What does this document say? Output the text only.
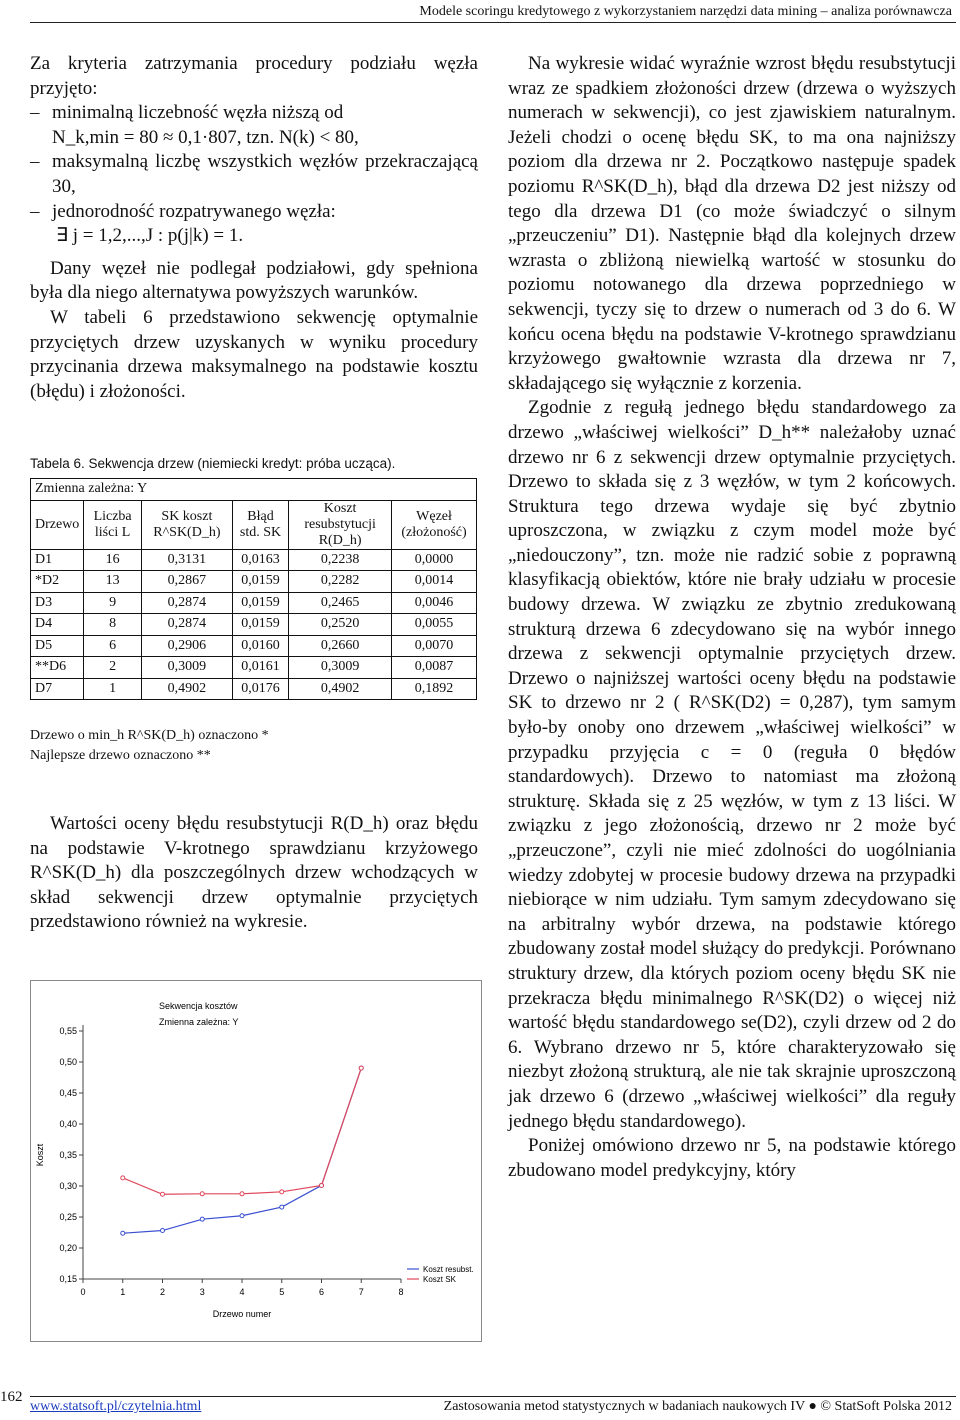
Modele scoringu kredytowego z wykorzystaniem narzędzi data mining – analiza porównawcza

Za kryteria zatrzymania procedury podziału węzła przyjęto:

– minimalną liczebność węzła niższą od
N_k,min = 80 ≈ 0,1·807, tzn. N(k) < 80,
– maksymalną liczbę wszystkich węzłów przekraczającą 30,
– jednorodność rozpatrywanego węzła:
∃ j = 1,2,...,J : p(j|k) = 1.

Dany węzeł nie podlegał podziałowi, gdy spełniona była dla niego alternatywa powyższych warunków.

W tabeli 6 przedstawiono sekwencję optymalnie przyciętych drzew uzyskanych w wyniku procedury przycinania drzewa maksymalnego na podstawie kosztu (błędu) i złożoności.

Tabela 6. Sekwencja drzew (niemiecki kredyt: próba ucząca).
Zmienna zależna: Y					
Drzewo	Liczba liści L	SK koszt R^SK(D_h)	Błąd std. SK	Koszt resubstytucji R(D_h)	Węzeł (złożoność)
D1	16	0,3131	0,0163	0,2238	0,0000
*D2	13	0,2867	0,0159	0,2282	0,0014
D3	9	0,2874	0,0159	0,2465	0,0046
D4	8	0,2874	0,0159	0,2520	0,0055
D5	6	0,2906	0,0160	0,2660	0,0070
**D6	2	0,3009	0,0161	0,3009	0,0087
D7	1	0,4902	0,0176	0,4902	0,1892
Drzewo o min_h R^SK(D_h) oznaczono *
Najlepsze drzewo oznaczono **

Wartości oceny błędu resubstytucji R(D_h) oraz błędu na podstawie V-krotnego sprawdzianu krzyżowego R^SK(D_h) dla poszczególnych drzew wchodzących w skład sekwencji drzew optymalnie przyciętych przedstawiono również na wykresie.

Sekwencja kosztów
Zmienna zależna: Y
0,15
0,20
0,25
0,30
0,35
0,40
0,45
0,50
0,55
0	1	2	3	4	5	6	7	8
Drzewo numer
Koszt
Koszt resubst.
Koszt SK

Na wykresie widać wyraźnie wzrost błędu resubstytucji wraz ze spadkiem złożoności drzew (drzewa o wyższych numerach w sekwencji), co jest zjawiskiem naturalnym. Jeżeli chodzi o ocenę błędu SK, to ma ona najniższy poziom dla drzewa nr 2. Początkowo następuje spadek poziomu R^SK(D_h), błąd dla drzewa D2 jest niższy od tego dla drzewa D1 (co może świadczyć o silnym „przeuczeniu” D1). Następnie błąd dla kolejnych drzew wzrasta o zbliżoną niewielką wartość w stosunku do poziomu notowanego dla drzewa poprzedniego w sekwencji, tyczy się to drzew o numerach od 3 do 6. W końcu ocena błędu na podstawie V-krotnego sprawdzianu krzyżowego gwałtownie wzrasta dla drzewa nr 7, składającego się wyłącznie z korzenia.

Zgodnie z regułą jednego błędu standardowego za drzewo „właściwej wielkości” D_h** należałoby uznać drzewo nr 6 z sekwencji drzew optymalnie przyciętych. Drzewo to składa się z 3 węzłów, w tym 2 końcowych. Struktura tego drzewa wydaje się być zbytnio uproszczona, w związku z czym model może być „niedouczony”, tzn. może nie radzić sobie z poprawną klasyfikacją obiektów, które nie brały udziału w procesie budowy drzewa. W związku ze zbytnio zredukowaną strukturą drzewa 6 zdecydowano się na wybór innego drzewa z sekwencji optymalnie przyciętych drzew. Drzewo o najniższej wartości oceny błędu na podstawie SK to drzewo nr 2 ( R^SK(D2) = 0,287), tym samym było-by onoby ono drzewem „właściwej wielkości” w przypadku przyjęcia c = 0 (reguła 0 błędów standardowych). Drzewo to natomiast ma złożoną strukturę. Składa się z 25 węzłów, w tym z 13 liści. W związku z jego złożonością, drzewo nr 2 może być „przeuczone”, czyli nie mieć zdolności do uogólniania wiedzy zdobytej w procesie budowy drzewa na przypadki niebiorące w nim udziału. Tym samym zdecydowano się na arbitralny wybór drzewa, na podstawie którego zbudowany został model służący do predykcji. Porównano struktury drzew, dla których poziom oceny błędu SK nie przekracza błędu minimalnego R^SK(D2) o więcej niż wartość błędu standardowego se(D2), czyli drzew od 2 do 6. Wybrano drzewo nr 5, które charakteryzowało się niezbyt złożoną strukturą, ale nie tak skrajnie uproszczoną jak drzewo 6 (drzewo „właściwej wielkości” dla reguły jednego błędu standardowego).

Poniżej omówiono drzewo nr 5, na podstawie którego zbudowano model predykcyjny, który

162
www.statsoft.pl/czytelnia.html	Zastosowania metod statystycznych w badaniach naukowych IV ● © StatSoft Polska 2012
